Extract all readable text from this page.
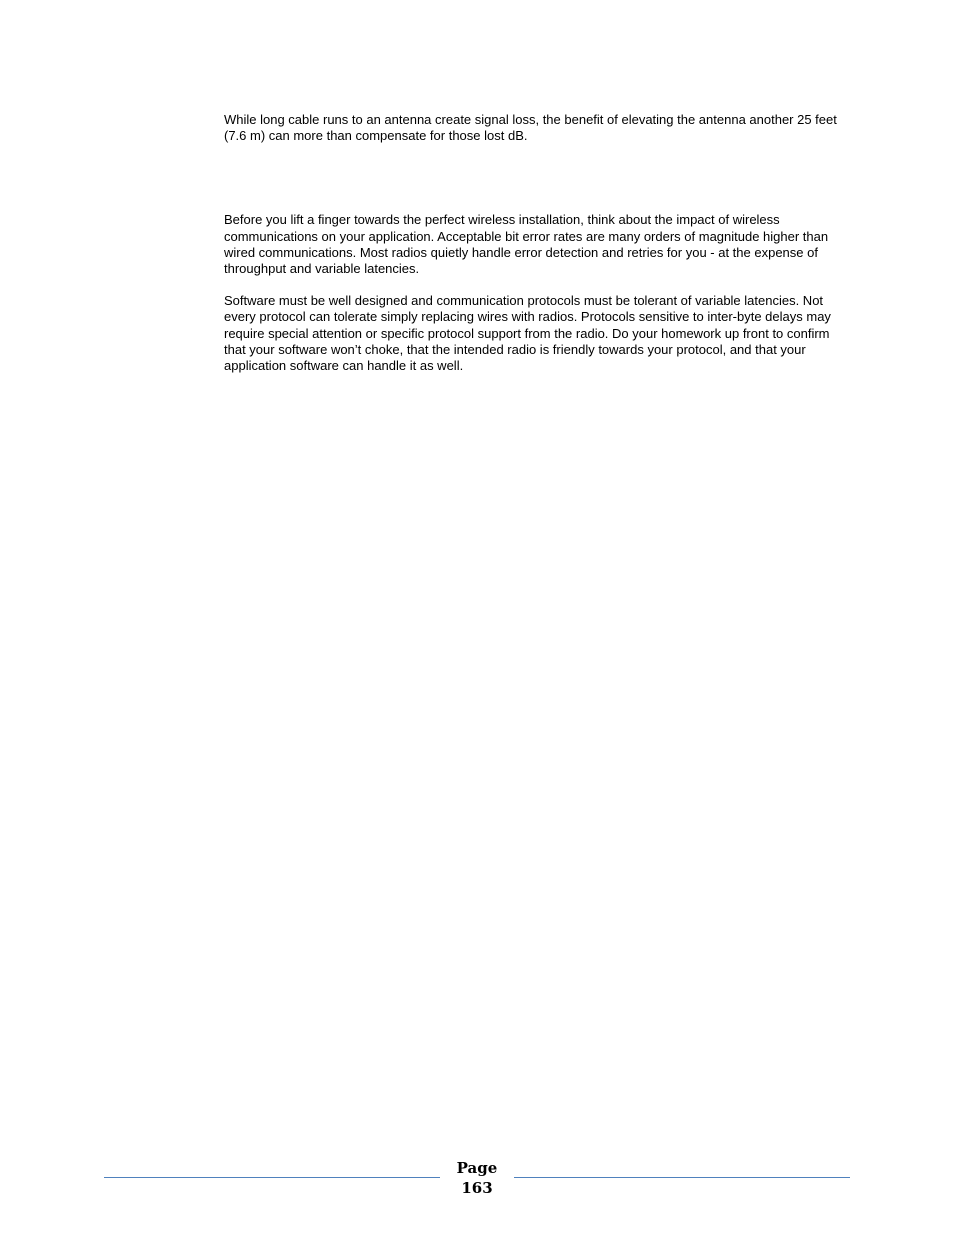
While long cable runs to an antenna create signal loss, the benefit of elevating the antenna another 25 feet (7.6 m) can more than compensate for those lost dB.

Before you lift a finger towards the perfect wireless installation, think about the impact of wireless communications on your application. Acceptable bit error rates are many orders of magnitude higher than wired communications. Most radios quietly handle error detection and retries for you - at the expense of throughput and variable latencies.

Software must be well designed and communication protocols must be tolerant of variable latencies. Not every protocol can tolerate simply replacing wires with radios. Protocols sensitive to inter-byte delays may require special attention or specific protocol support from the radio. Do your homework up front to confirm that your software won’t choke, that the intended radio is friendly towards your protocol, and that your application software can handle it as well.

Page
163
